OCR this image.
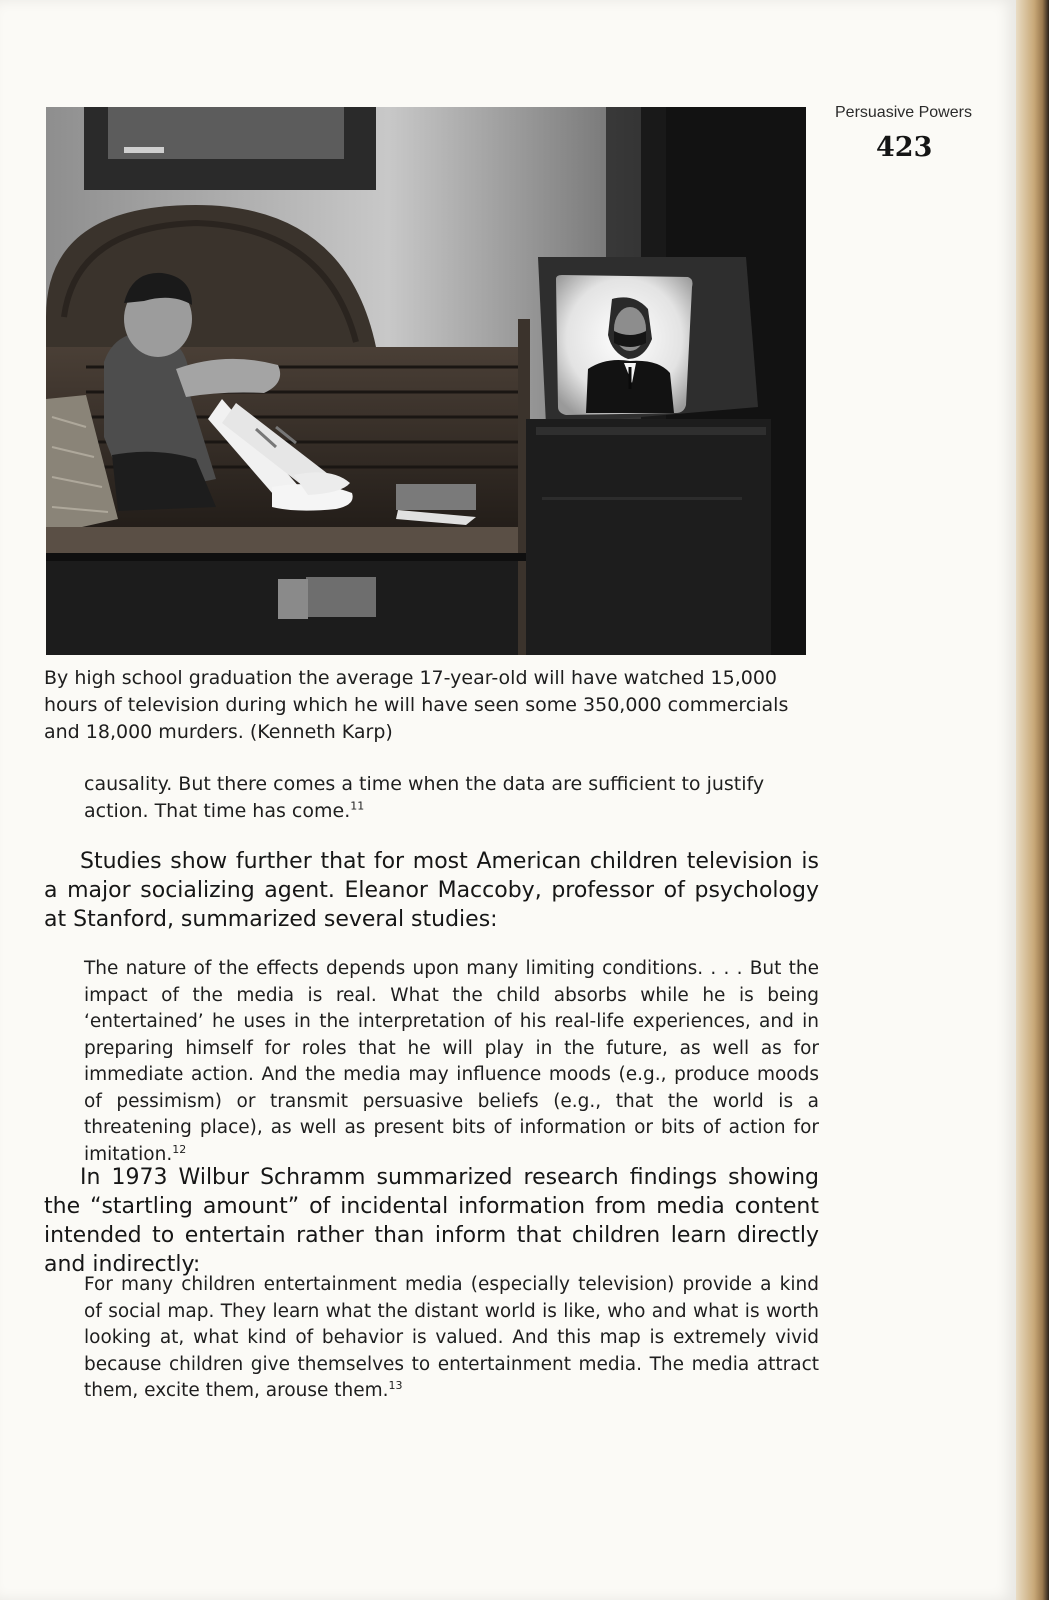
Persuasive Powers
423
By high school graduation the average 17-year-old will have watched 15,000 hours of television during which he will have seen some 350,000 commercials and 18,000 murders. (Kenneth Karp)
causality. But there comes a time when the data are sufficient to justify action. That time has come.$^{11}$
Studies show further that for most American children television is a major socializing agent. Eleanor Maccoby, professor of psychology at Stanford, summarized several studies:
The nature of the effects depends upon many limiting conditions. . . . But the impact of the media is real. What the child absorbs while he is being ‘entertained’ he uses in the interpretation of his real-life experiences, and in preparing himself for roles that he will play in the future, as well as for immediate action. And the media may influence moods (e.g., produce moods of pessimism) or transmit persuasive beliefs (e.g., that the world is a threatening place), as well as present bits of information or bits of action for imitation.$^{12}$
In 1973 Wilbur Schramm summarized research findings showing the “startling amount” of incidental information from media content intended to entertain rather than inform that children learn directly and indirectly:
For many children entertainment media (especially television) provide a kind of social map. They learn what the distant world is like, who and what is worth looking at, what kind of behavior is valued. And this map is extremely vivid because children give themselves to entertainment media. The media attract them, excite them, arouse them.$^{13}$
